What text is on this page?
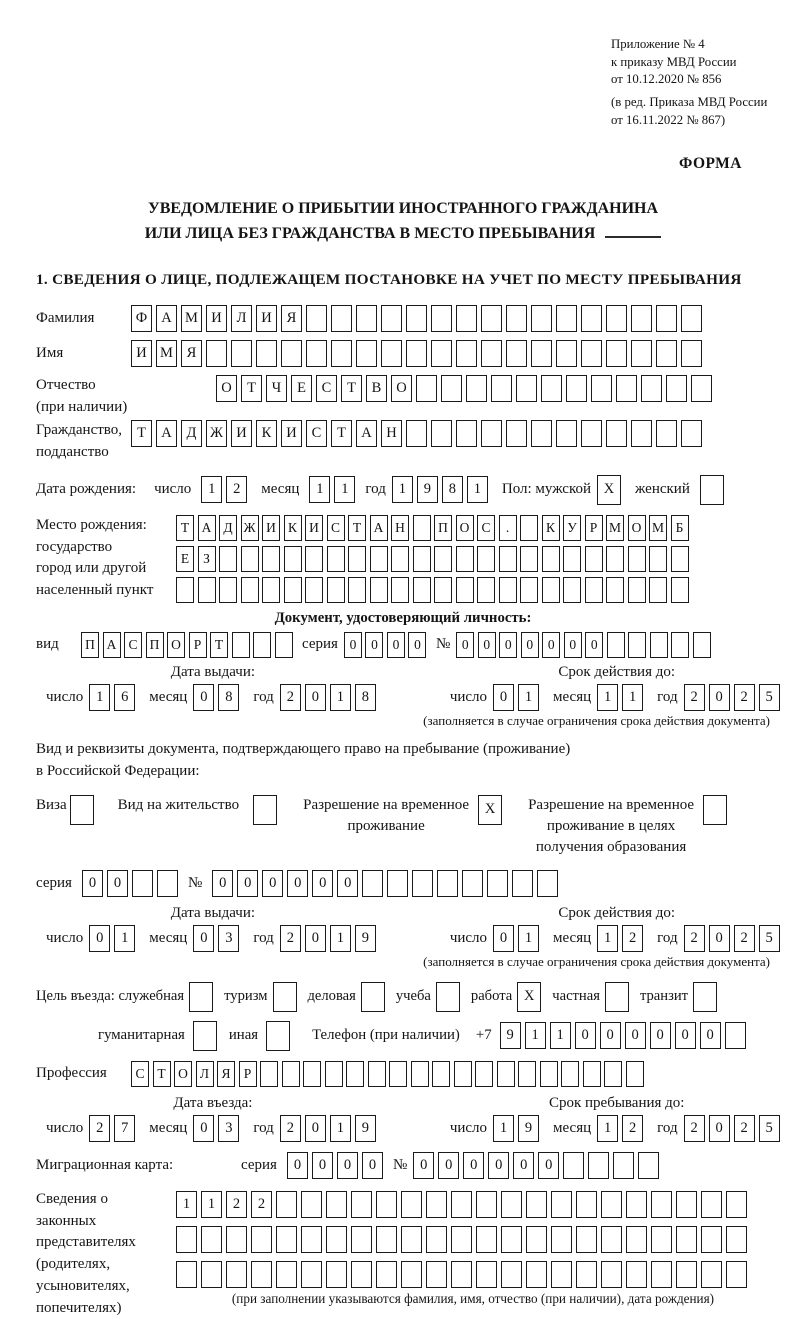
Приложение № 4
к приказу МВД России
от 10.12.2020 № 856
(в ред. Приказа МВД России
от 16.11.2022 № 867)
ФОРМА
УВЕДОМЛЕНИЕ О ПРИБЫТИИ ИНОСТРАННОГО ГРАЖДАНИНА
ИЛИ ЛИЦА БЕЗ ГРАЖДАНСТВА В МЕСТО ПРЕБЫВАНИЯ
1. СВЕДЕНИЯ О ЛИЦЕ, ПОДЛЕЖАЩЕМ ПОСТАНОВКЕ НА УЧЕТ ПО МЕСТУ ПРЕБЫВАНИЯ
Фамилия	Ф А М И	Л	И	Я
Имя	И М Я
Отчество
(при наличии)
О	Т	Ч	Е	С	Т	В	О
Гражданство,
подданство
Т	А	Д Ж И	К	И	С	Т	А	Н
Дата рождения: число	1	2	месяц	1	1	год 1	9	8	1	Пол: мужской X	женский
Место рождения:
государство
город или другой
населенный пункт
Т А Д Ж И К И С Т А Н	П О С	.	К У Р М О М Б
Е	З
Документ, удостоверяющий личность:
вид	П А С П О Р	Т	серия 0	0	0	0	№ 0	0	0	0	0	0	0
Дата выдачи:
число 1	6	месяц 0	8	год 2	0	1	8
Срок действия до:
число 0	1	месяц 1	1	год 2	0	2	5
(заполняется в случае ограничения срока действия документа)
Вид и реквизиты документа, подтверждающего право на пребывание (проживание)
в Российской Федерации:
Виза	Вид на жительство	Разрешение на временное
проживание
X	Разрешение на временное
проживание в целях
получения образования
серия	0	0	№	0	0	0	0	0	0
Дата выдачи:
число 0	1	месяц 0	3	год 2	0	1	9
Срок действия до:
число 0	1	месяц 1	2	год 2	0	2	5
(заполняется в случае ограничения срока действия документа)
Цель въезда: служебная	туризм	деловая	учеба	работа X	частная	транзит
гуманитарная	иная	Телефон (при наличии) +7	9	1	1	0	0	0	0	0	0
Профессия	С Т О Л Я Р
Дата въезда:
число 2	7	месяц 0	3	год 2	0	1	9
Срок пребывания до:
число 1	9	месяц 1	2	год 2	0	2	5
Миграционная карта:	серия	0	0	0	0	№ 0	0	0	0	0	0
Сведения о
законных
представителях
(родителях,
усыновителях,
попечителях)
1	1	2	2
(при заполнении указываются фамилия, имя, отчество (при наличии), дата рождения)
